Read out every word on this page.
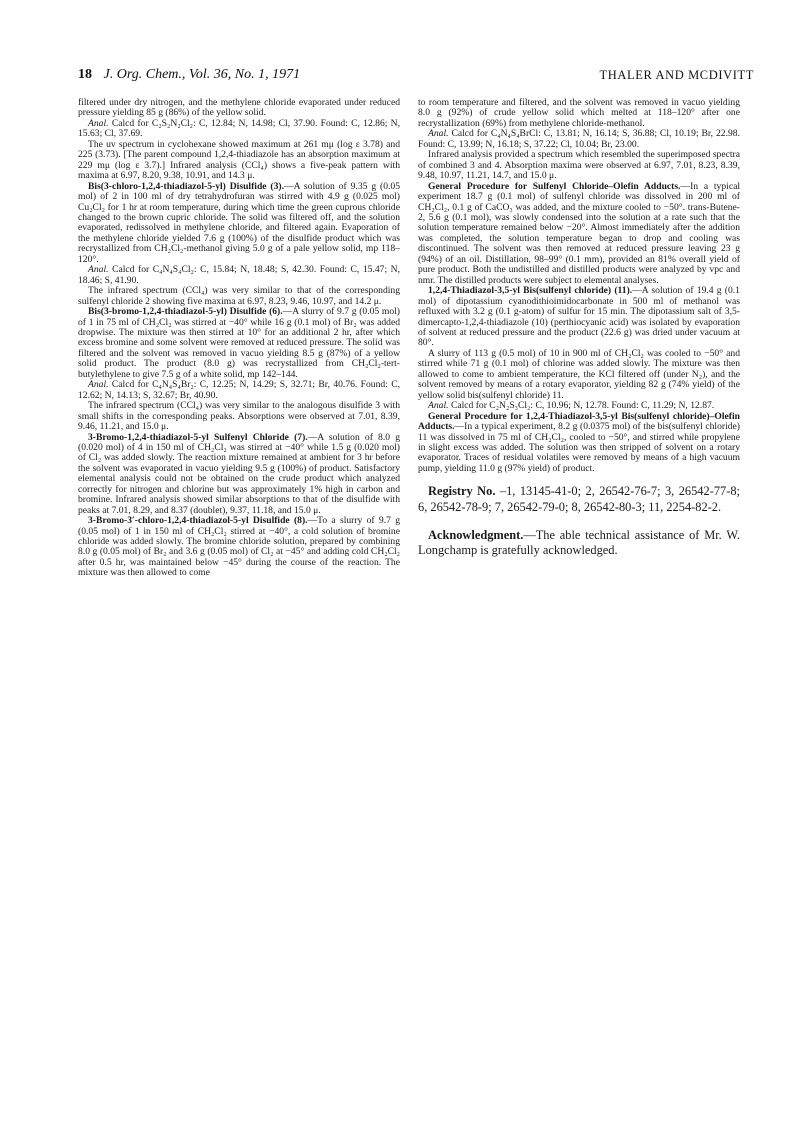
18 J. Org. Chem., Vol. 36, No. 1, 1971	THALER AND MCDIVITT

filtered under dry nitrogen, and the methylene chloride evaporated under reduced pressure yielding 85 g (86%) of the yellow solid.

Anal. Calcd for C₂S₂N₂Cl₂: C, 12.84; N, 14.98; Cl, 37.90. Found: C, 12.86; N, 15.63; Cl, 37.69.

The uv spectrum in cyclohexane showed maximum at 261 mμ (log ε 3.78) and 225 (3.73). [The parent compound 1,2,4-thiadiazole has an absorption maximum at 229 mμ (log ε 3.7).] Infrared analysis (CCl₄) shows a five-peak pattern with maxima at 6.97, 8.20, 9.38, 10.91, and 14.3 μ.

Bis(3-chloro-1,2,4-thiadiazol-5-yl) Disulfide (3).—A solution of 9.35 g (0.05 mol) of 2 in 100 ml of dry tetrahydrofuran was stirred with 4.9 g (0.025 mol) Cu₂Cl₂ for 1 hr at room temperature, during which time the green cuprous chloride changed to the brown cupric chloride. The solid was filtered off, and the solution evaporated, redissolved in methylene chloride, and filtered again. Evaporation of the methylene chloride yielded 7.6 g (100%) of the disulfide product which was recrystallized from CH₂Cl₂-methanol giving 5.0 g of a pale yellow solid, mp 118–120°.

Anal. Calcd for C₄N₄S₄Cl₂: C, 15.84; N, 18.48; S, 42.30. Found: C, 15.47; N, 18.46; S, 41.90.

The infrared spectrum (CCl₄) was very similar to that of the corresponding sulfenyl chloride 2 showing five maxima at 6.97, 8.23, 9.46, 10.97, and 14.2 μ.

Bis(3-bromo-1,2,4-thiadiazol-5-yl) Disulfide (6).—A slurry of 9.7 g (0.05 mol) of 1 in 75 ml of CH₂Cl₂ was stirred at −40° while 16 g (0.1 mol) of Br₂ was added dropwise. The mixture was then stirred at 10° for an additional 2 hr, after which excess bromine and some solvent were removed at reduced pressure. The solid was filtered and the solvent was removed in vacuo yielding 8.5 g (87%) of a yellow solid product. The product (8.0 g) was recrystallized from CH₂Cl₂-tert-butylethylene to give 7.5 g of a white solid, mp 142–144.

Anal. Calcd for C₄N₄S₄Br₂: C, 12.25; N, 14.29; S, 32.71; Br, 40.76. Found: C, 12.62; N, 14.13; S, 32.67; Br, 40.90.

The infrared spectrum (CCl₄) was very similar to the analogous disulfide 3 with small shifts in the corresponding peaks. Absorptions were observed at 7.01, 8.39, 9.46, 11.21, and 15.0 μ.

3-Bromo-1,2,4-thiadiazol-5-yl Sulfenyl Chloride (7).—A solution of 8.0 g (0.020 mol) of 4 in 150 ml of CH₂Cl₂ was stirred at −40° while 1.5 g (0.020 mol) of Cl₂ was added slowly. The reaction mixture remained at ambient for 3 hr before the solvent was evaporated in vacuo yielding 9.5 g (100%) of product. Satisfactory elemental analysis could not be obtained on the crude product which analyzed correctly for nitrogen and chlorine but was approximately 1% high in carbon and bromine. Infrared analysis showed similar absorptions to that of the disulfide with peaks at 7.01, 8.29, and 8.37 (doublet), 9.37, 11.18, and 15.0 μ.

3-Bromo-3′-chloro-1,2,4-thiadiazol-5-yl Disulfide (8).—To a slurry of 9.7 g (0.05 mol) of 1 in 150 ml of CH₂Cl₂ stirred at −40°, a cold solution of bromine chloride was added slowly. The bromine chloride solution, prepared by combining 8.0 g (0.05 mol) of Br₂ and 3.6 g (0.05 mol) of Cl₂ at −45° and adding cold CH₂Cl₂ after 0.5 hr, was maintained below −45° during the course of the reaction. The mixture was then allowed to come

to room temperature and filtered, and the solvent was removed in vacuo yielding 8.0 g (92%) of crude yellow solid which melted at 118–120° after one recrystallization (69%) from methylene chloride-methanol.

Anal. Calcd for C₄N₄S₄BrCl: C, 13.81; N, 16.14; S, 36.88; Cl, 10.19; Br, 22.98. Found: C, 13.99; N, 16.18; S, 37.22; Cl, 10.04; Br, 23.00.

Infrared analysis provided a spectrum which resembled the superimposed spectra of combined 3 and 4. Absorption maxima were observed at 6.97, 7.01, 8.23, 8.39, 9.48, 10.97, 11.21, 14.7, and 15.0 μ.

General Procedure for Sulfenyl Chloride–Olefin Adducts.—In a typical experiment 18.7 g (0.1 mol) of sulfenyl chloride was dissolved in 200 ml of CH₂Cl₂, 0.1 g of CaCO₃ was added, and the mixture cooled to −50°. trans-Butene-2, 5.6 g (0.1 mol), was slowly condensed into the solution at a rate such that the solution temperature remained below −20°. Almost immediately after the addition was completed, the solution temperature began to drop and cooling was discontinued. The solvent was then removed at reduced pressure leaving 23 g (94%) of an oil. Distillation, 98–99° (0.1 mm), provided an 81% overall yield of pure product. Both the undistilled and distilled products were analyzed by vpc and nmr. The distilled products were subject to elemental analyses.

1,2,4-Thiadiazol-3,5-yl Bis(sulfenyl chloride) (11).—A solution of 19.4 g (0.1 mol) of dipotassium cyanodithioimidocarbonate in 500 ml of methanol was refluxed with 3.2 g (0.1 g-atom) of sulfur for 15 min. The dipotassium salt of 3,5-dimercapto-1,2,4-thiadiazole (10) (perthiocyanic acid) was isolated by evaporation of solvent at reduced pressure and the product (22.6 g) was dried under vacuum at 80°.

A slurry of 113 g (0.5 mol) of 10 in 900 ml of CH₂Cl₂ was cooled to −50° and stirred while 71 g (0.1 mol) of chlorine was added slowly. The mixture was then allowed to come to ambient temperature, the KCl filtered off (under N₂), and the solvent removed by means of a rotary evaporator, yielding 82 g (74% yield) of the yellow solid bis(sulfenyl chloride) 11.

Anal. Calcd for C₂N₂S₃Cl₂: C, 10.96; N, 12.78. Found: C, 11.29; N, 12.87.

General Procedure for 1,2,4-Thiadiazol-3,5-yl Bis(sulfenyl chloride)–Olefin Adducts.—In a typical experiment, 8.2 g (0.0375 mol) of the bis(sulfenyl chloride) 11 was dissolved in 75 ml of CH₂Cl₂, cooled to −50°, and stirred while propylene in slight excess was added. The solution was then stripped of solvent on a rotary evaporator. Traces of residual volatiles were removed by means of a high vacuum pump, yielding 11.0 g (97% yield) of product.

Registry No. –1, 13145-41-0; 2, 26542-76-7; 3, 26542-77-8; 6, 26542-78-9; 7, 26542-79-0; 8, 26542-80-3; 11, 2254-82-2.

Acknowledgment.—The able technical assistance of Mr. W. Longchamp is gratefully acknowledged.
